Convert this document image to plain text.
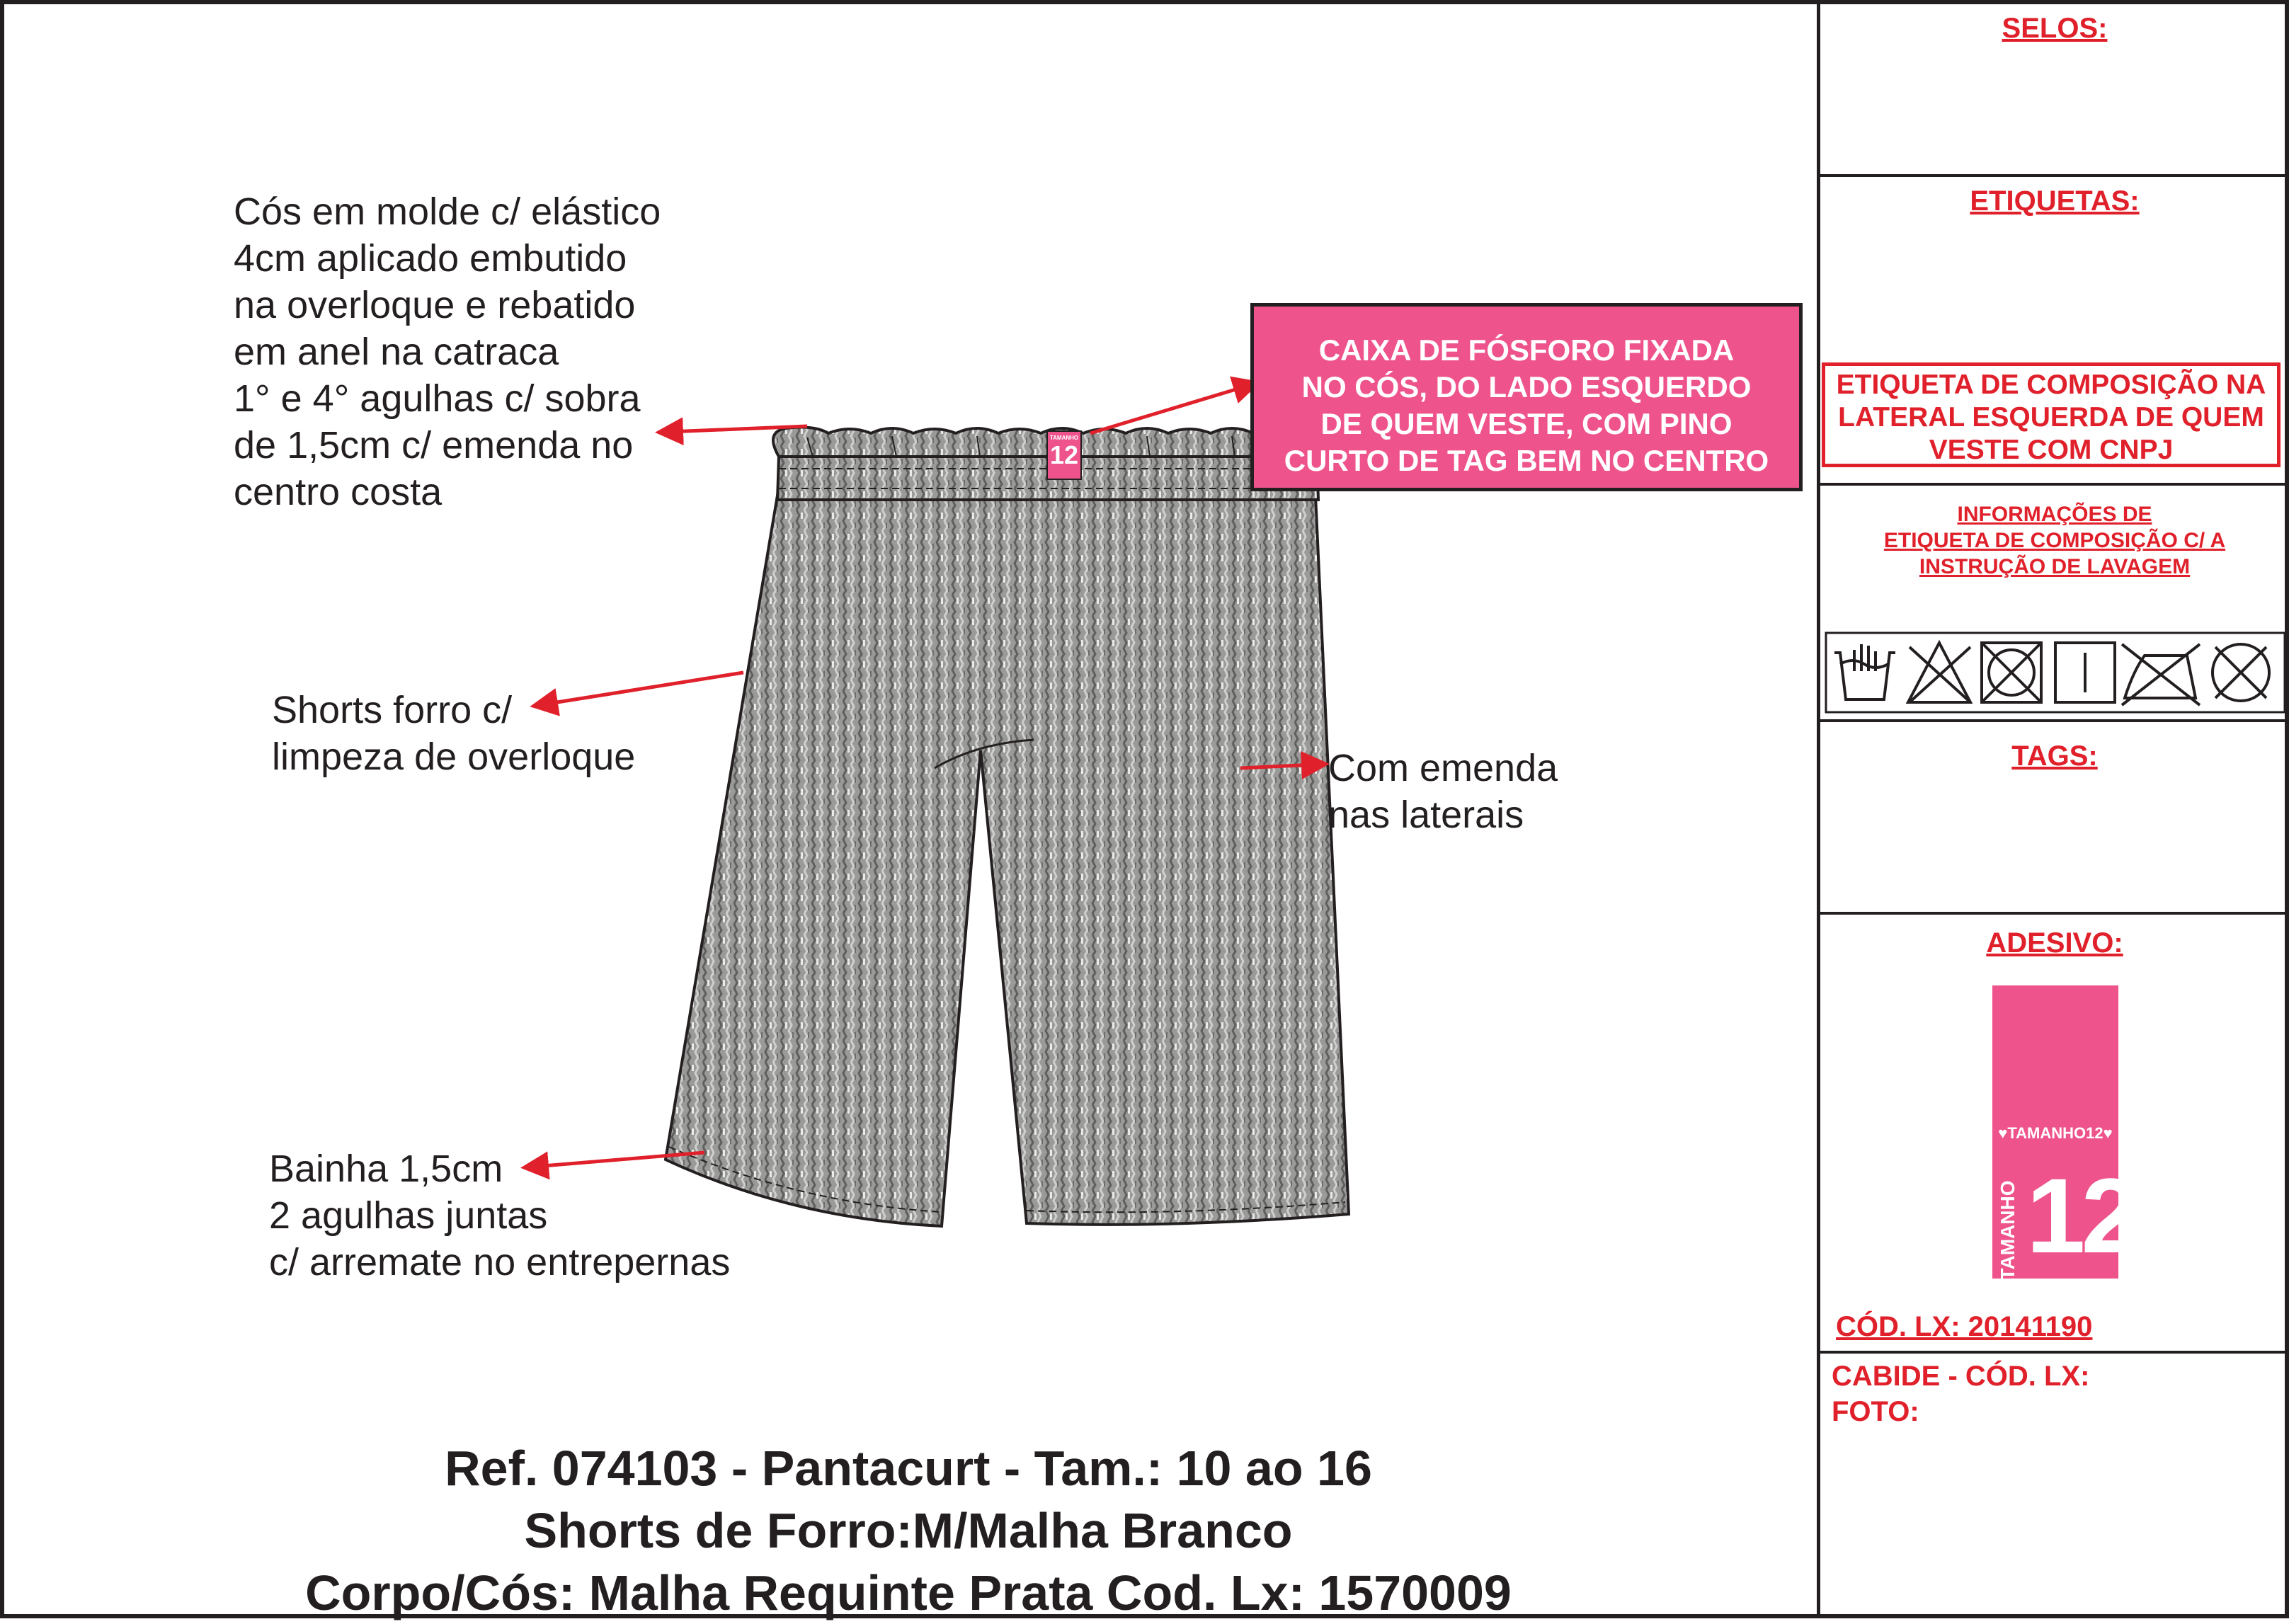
TAMANHO
12
Cós em molde c/ elástico
4cm aplicado embutido
na overloque e rebatido
em anel na catraca
1° e 4° agulhas c/ sobra
de 1,5cm c/ emenda no
centro costa
Shorts forro c/
limpeza de overloque	Com emenda
nas laterais
Bainha 1,5cm
2 agulhas juntas
c/ arremate no entrepernas
CAIXA DE FÓSFORO FIXADA
NO CÓS, DO LADO ESQUERDO
DE QUEM VESTE, COM PINO
CURTO DE TAG BEM NO CENTRO
Ref. 074103 - Pantacurt - Tam.: 10 ao 16
Shorts de Forro:M/Malha Branco
Corpo/Cós: Malha Requinte Prata Cod. Lx: 1570009
SELOS:
ETIQUETAS:
ETIQUETA DE COMPOSIÇÃO NA
LATERAL ESQUERDA DE QUEM
VESTE COM CNPJ
INFORMAÇÕES DE
ETIQUETA DE COMPOSIÇÃO C/ A
INSTRUÇÃO DE LAVAGEM
TAGS:
ADESIVO:
♥TAMANHO12♥
TAMANHO 12
CÓD. LX: 20141190
CABIDE - CÓD. LX:
FOTO:
